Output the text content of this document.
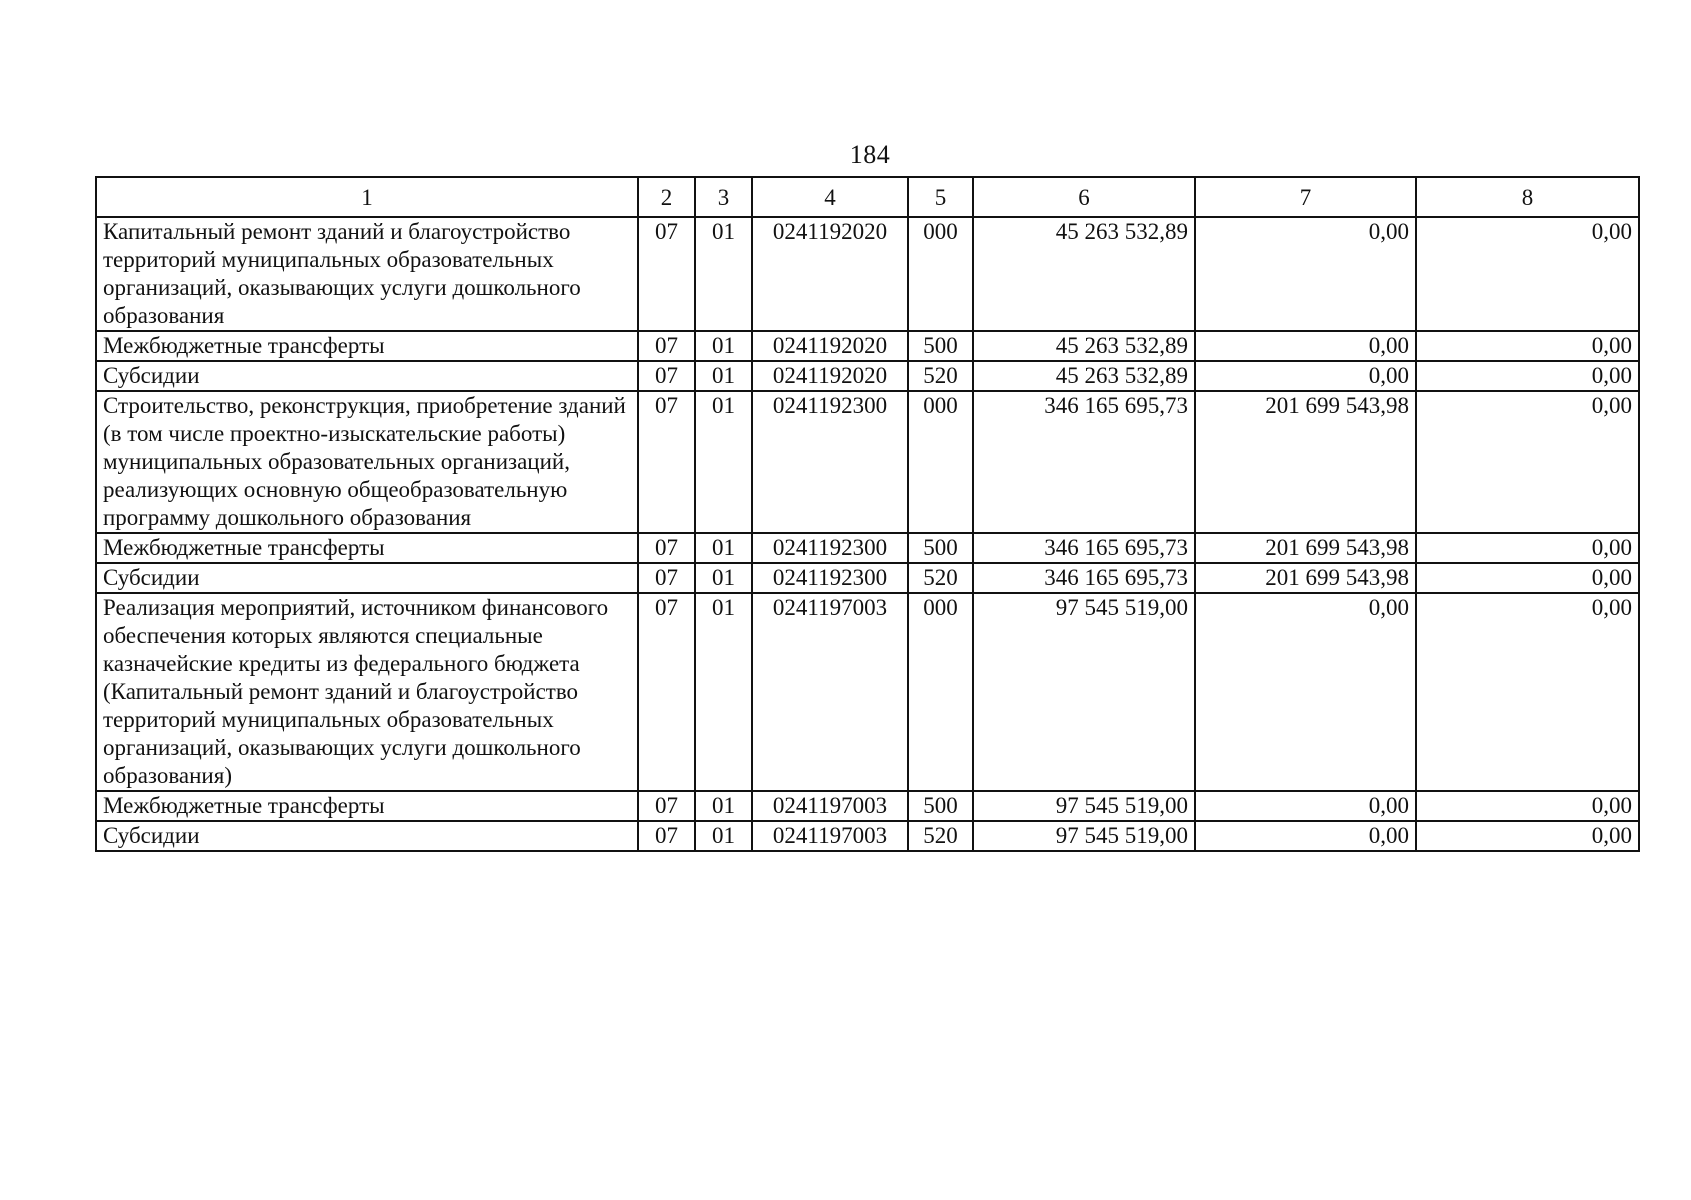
184
1	2	3	4	5	6	7	8
Капитальный ремонт зданий и благоустройство территорий муниципальных образовательных организаций, оказывающих услуги дошкольного образования	07	01	0241192020	000	45 263 532,89	0,00	0,00
Межбюджетные трансферты	07	01	0241192020	500	45 263 532,89	0,00	0,00
Субсидии	07	01	0241192020	520	45 263 532,89	0,00	0,00
Строительство, реконструкция, приобретение зданий (в том числе проектно-изыскательские работы) муниципальных образовательных организаций, реализующих основную общеобразовательную программу дошкольного образования	07	01	0241192300	000	346 165 695,73	201 699 543,98	0,00
Межбюджетные трансферты	07	01	0241192300	500	346 165 695,73	201 699 543,98	0,00
Субсидии	07	01	0241192300	520	346 165 695,73	201 699 543,98	0,00
Реализация мероприятий, источником финансового обеспечения которых являются специальные казначейские кредиты из федерального бюджета (Капитальный ремонт зданий и благоустройство территорий муниципальных образовательных организаций, оказывающих услуги дошкольного образования)	07	01	0241197003	000	97 545 519,00	0,00	0,00
Межбюджетные трансферты	07	01	0241197003	500	97 545 519,00	0,00	0,00
Субсидии	07	01	0241197003	520	97 545 519,00	0,00	0,00
